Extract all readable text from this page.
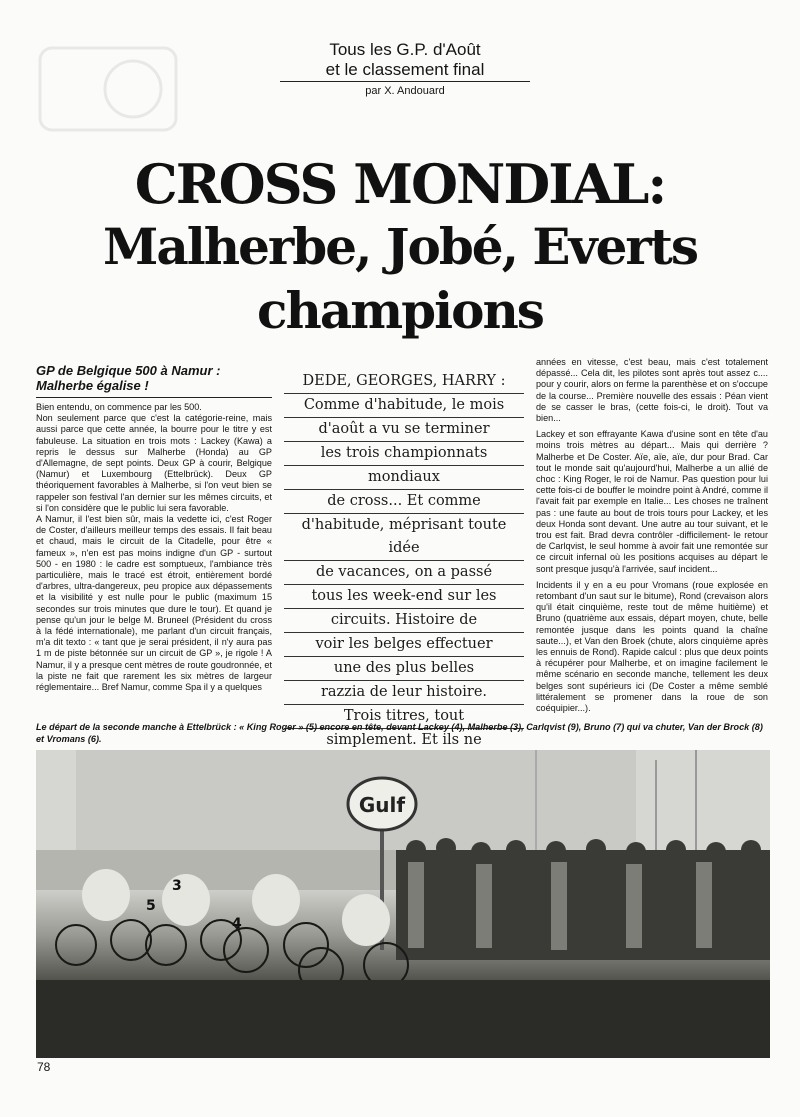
Tous les G.P. d'Août
et le classement final
par X. Andouard
CROSS MONDIAL:
Malherbe, Jobé, Everts
champions
GP de Belgique 500 à Namur : Malherbe égalise !

Bien entendu, on commence par les 500.

Non seulement parce que c'est la catégorie-reine, mais aussi parce que cette année, la bourre pour le titre y est fabuleuse. La situation en trois mots : Lackey (Kawa) a repris le dessus sur Malherbe (Honda) au GP d'Allemagne, de sept points. Deux GP à courir, Belgique (Namur) et Luxembourg (Ettelbrück). Deux GP théoriquement favorables à Malherbe, si l'on veut bien se rappeler son festival l'an dernier sur les mêmes circuits, et si l'on considère que le public lui sera favorable.

A Namur, il l'est bien sûr, mais la vedette ici, c'est Roger de Coster, d'ailleurs meilleur temps des essais. Il fait beau et chaud, mais le circuit de la Citadelle, pour être « fameux », n'en est pas moins indigne d'un GP - surtout 500 - en 1980 : le cadre est somptueux, l'ambiance très particulière, mais le tracé est étroit, entièrement bordé d'arbres, ultra-dangereux, peu propice aux dépassements et la visibilité y est nulle pour le public (maximum 15 secondes sur trois minutes que dure le tour). Et quand je pense qu'un jour le belge M. Bruneel (Président du cross à la fédé internationale), me parlant d'un circuit français, m'a dit texto : « tant que je serai président, il n'y aura pas 1 m de piste bétonnée sur un circuit de GP », je rigole ! A Namur, il y a presque cent mètres de route goudronnée, et la piste ne fait que rarement les six mètres de largeur réglementaire... Bref Namur, comme Spa il y a quelques

DEDE, GEORGES, HARRY :
Comme d'habitude, le mois
d'août a vu se terminer
les trois championnats
mondiaux
de cross... Et comme
d'habitude, méprisant toute idée
de vacances, on a passé
tous les week-end sur les
circuits. Histoire de
voir les belges effectuer
une des plus belles
razzia de leur histoire.
Trois titres, tout
simplement. Et ils ne

années en vitesse, c'est beau, mais c'est totalement dépassé... Cela dit, les pilotes sont après tout assez c.... pour y courir, alors on ferme la parenthèse et on s'occupe de la course... Première nouvelle des essais : Péan vient de se casser le bras, (cette fois-ci, le droit). Tout va bien...

Lackey et son effrayante Kawa d'usine sont en tête d'au moins trois mètres au départ... Mais qui derrière ? Malherbe et De Coster. Aïe, aïe, aïe, dur pour Brad. Car tout le monde sait qu'aujourd'hui, Malherbe a un allié de choc : King Roger, le roi de Namur. Pas question pour lui cette fois-ci de bouffer le moindre point à André, comme il l'avait fait par exemple en Italie... Les choses ne traînent pas : une faute au bout de trois tours pour Lackey, et les deux Honda sont devant. Une autre au tour suivant, et le trou est fait. Brad devra contrôler -difficilement- le retour de Carlqvist, le seul homme à avoir fait une remontée sur ce circuit infernal où les positions acquises au départ le sont presque jusqu'à l'arrivée, sauf incident...

Incidents il y en a eu pour Vromans (roue explosée en retombant d'un saut sur le bitume), Rond (crevaison alors qu'il était cinquième, reste tout de même huitième) et Bruno (quatrième aux essais, départ moyen, chute, belle remontée jusque dans les points quand la chaîne saute...), et Van den Broek (chute, alors cinquième après les ennuis de Rond). Rapide calcul : plus que deux points à récupérer pour Malherbe, et on imagine facilement le même scénario en seconde manche, tellement les deux belges sont supérieurs ici (De Coster a même semblé littéralement se promener dans la roue de son coéquipier...).

Le départ de la seconde manche à Ettelbrück : « King Roger » (5) encore en tête, devant Lackey (4), Malherbe (3), Carlqvist (9), Bruno (7) qui va chuter, Van der Brock (8) et Vromans (6).
Gulf
5
4
3
78
